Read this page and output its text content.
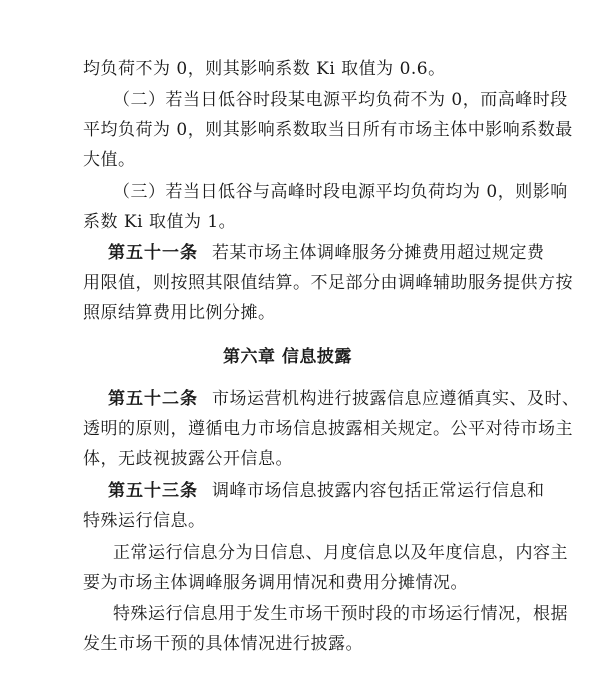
均负荷不为 0，则其影响系数 Ki 取值为 0.6。
（二）若当日低谷时段某电源平均负荷不为 0，而高峰时段
平均负荷为 0，则其影响系数取当日所有市场主体中影响系数最
大值。
（三）若当日低谷与高峰时段电源平均负荷均为 0，则影响
系数 Ki 取值为 1。
第五十一条 若某市场主体调峰服务分摊费用超过规定费
用限值，则按照其限值结算。不足部分由调峰辅助服务提供方按
照原结算费用比例分摊。
第六章 信息披露
第五十二条 市场运营机构进行披露信息应遵循真实、及时、
透明的原则，遵循电力市场信息披露相关规定。公平对待市场主
体，无歧视披露公开信息。
第五十三条 调峰市场信息披露内容包括正常运行信息和
特殊运行信息。
正常运行信息分为日信息、月度信息以及年度信息，内容主
要为市场主体调峰服务调用情况和费用分摊情况。
特殊运行信息用于发生市场干预时段的市场运行情况，根据
发生市场干预的具体情况进行披露。
